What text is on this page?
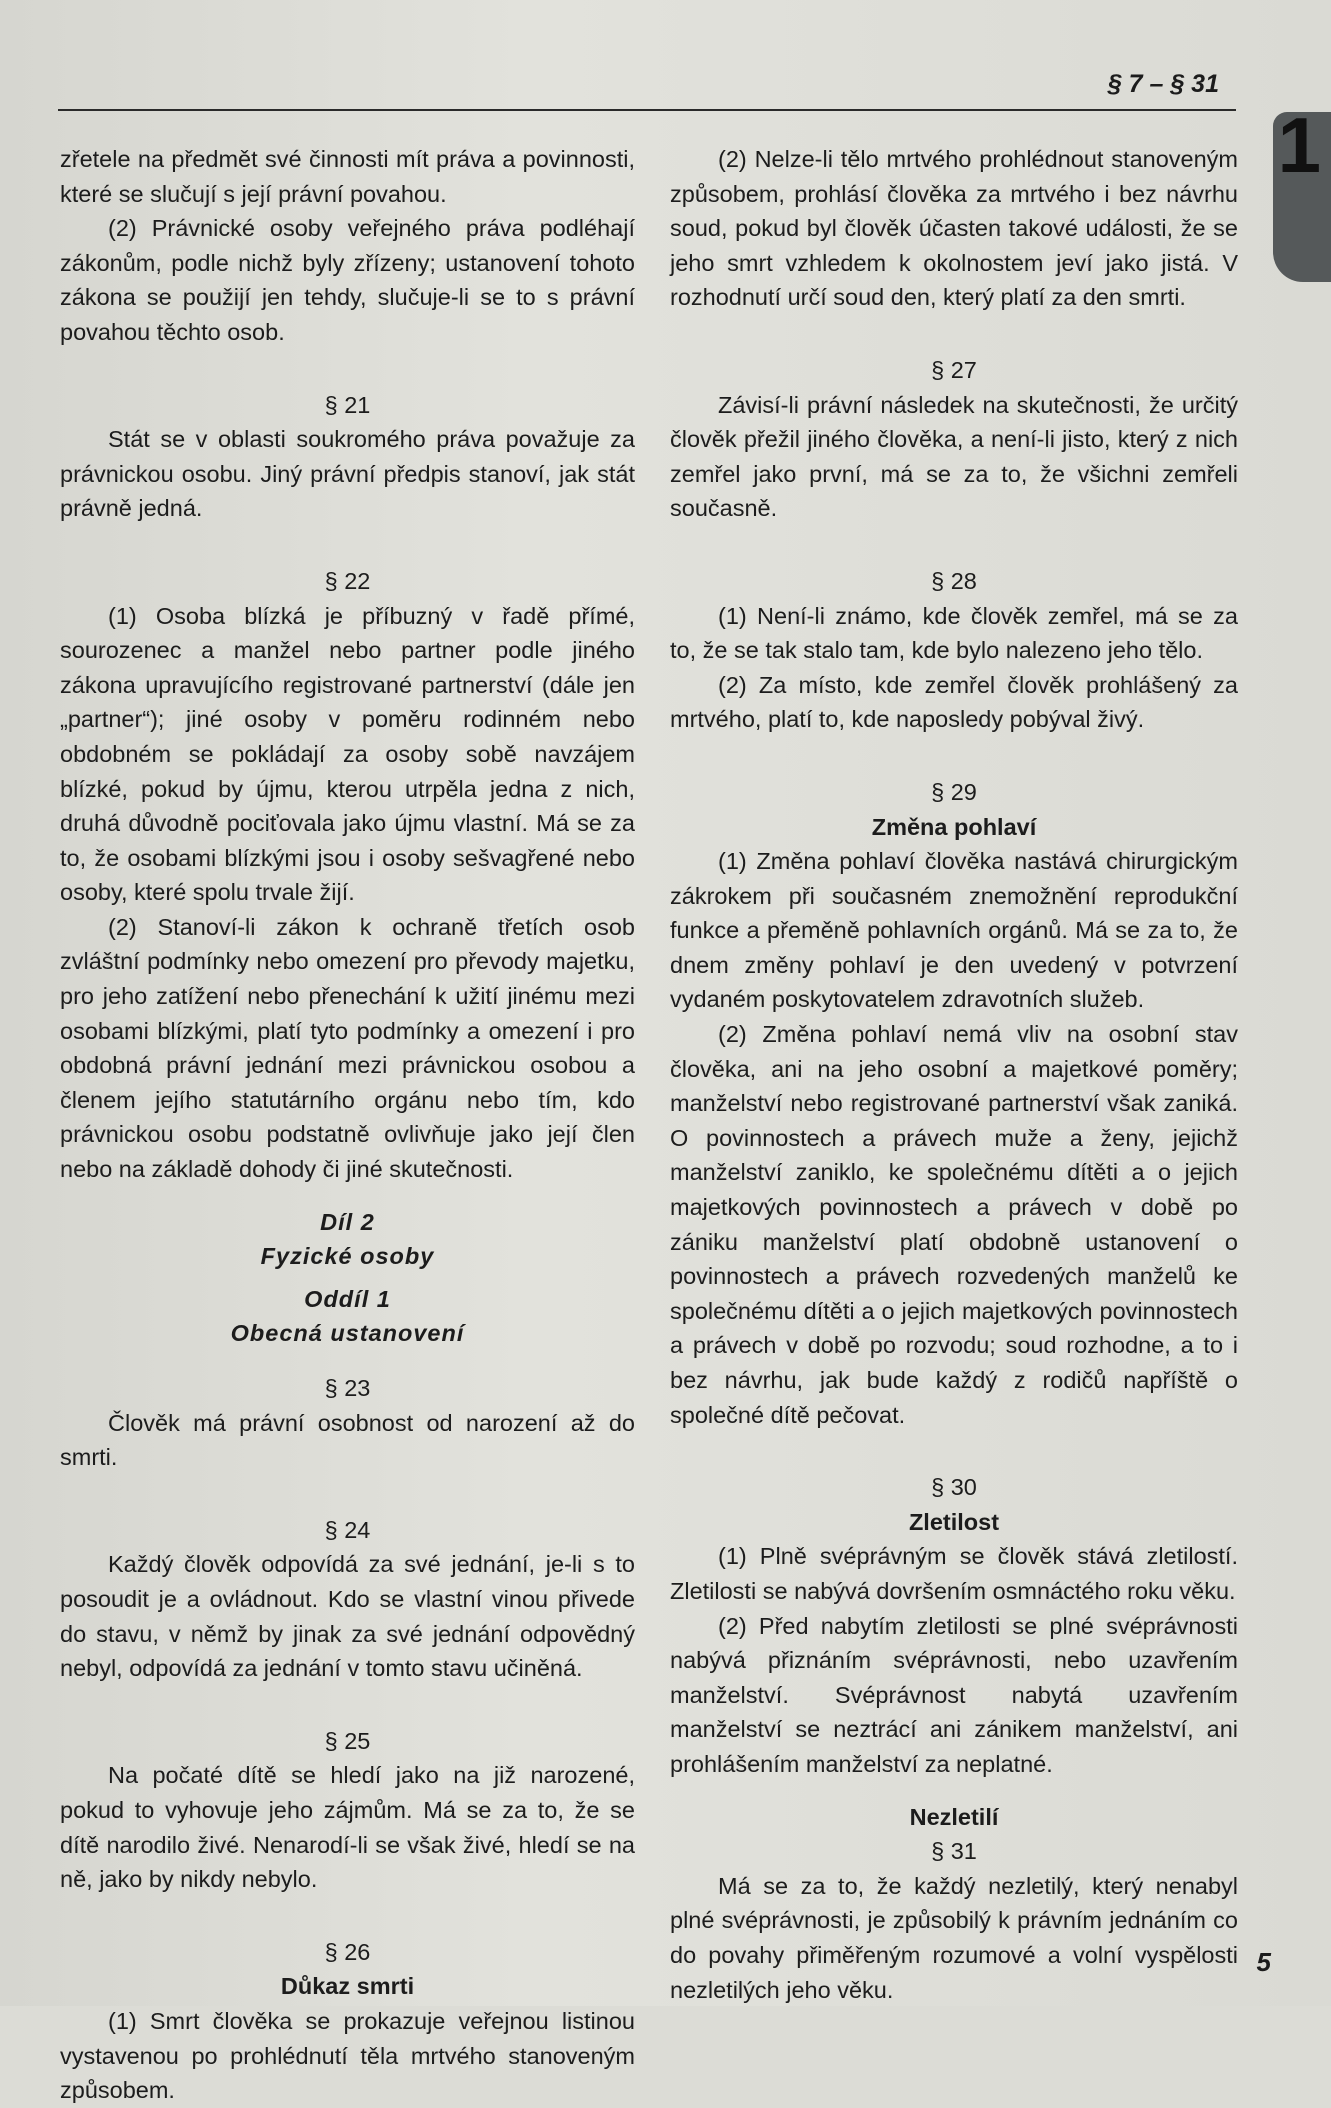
§ 7 – § 31
1

zřetele na předmět své činnosti mít práva a povinnosti, které se slučují s její právní povahou.

(2) Právnické osoby veřejného práva podléhají zákonům, podle nichž byly zřízeny; ustanovení tohoto zákona se použijí jen tehdy, slučuje-li se to s právní povahou těchto osob.

§ 21

Stát se v oblasti soukromého práva považuje za právnickou osobu. Jiný právní předpis stanoví, jak stát právně jedná.

§ 22

(1) Osoba blízká je příbuzný v řadě přímé, sourozenec a manžel nebo partner podle jiného zákona upravujícího registrované partnerství (dále jen „partner“); jiné osoby v poměru rodinném nebo obdobném se pokládají za osoby sobě navzájem blízké, pokud by újmu, kterou utrpěla jedna z nich, druhá důvodně pociťovala jako újmu vlastní. Má se za to, že osobami blízkými jsou i osoby sešvagřené nebo osoby, které spolu trvale žijí.

(2) Stanoví-li zákon k ochraně třetích osob zvláštní podmínky nebo omezení pro převody majetku, pro jeho zatížení nebo přenechání k užití jinému mezi osobami blízkými, platí tyto podmínky a omezení i pro obdobná právní jednání mezi právnickou osobou a členem jejího statutárního orgánu nebo tím, kdo právnickou osobu podstatně ovlivňuje jako její člen nebo na základě dohody či jiné skutečnosti.

Díl 2
Fyzické osoby
Oddíl 1
Obecná ustanovení
§ 23

Člověk má právní osobnost od narození až do smrti.

§ 24

Každý člověk odpovídá za své jednání, je-li s to posoudit je a ovládnout. Kdo se vlastní vinou přivede do stavu, v němž by jinak za své jednání odpovědný nebyl, odpovídá za jednání v tomto stavu učiněná.

§ 25

Na počaté dítě se hledí jako na již narozené, pokud to vyhovuje jeho zájmům. Má se za to, že se dítě narodilo živé. Nenarodí-li se však živé, hledí se na ně, jako by nikdy nebylo.

§ 26
Důkaz smrti

(1) Smrt člověka se prokazuje veřejnou listinou vystavenou po prohlédnutí těla mrtvého stanoveným způsobem.

(2) Nelze-li tělo mrtvého prohlédnout stanoveným způsobem, prohlásí člověka za mrtvého i bez návrhu soud, pokud byl člověk účasten takové události, že se jeho smrt vzhledem k okolnostem jeví jako jistá. V rozhodnutí určí soud den, který platí za den smrti.

§ 27

Závisí-li právní následek na skutečnosti, že určitý člověk přežil jiného člověka, a není-li jisto, který z nich zemřel jako první, má se za to, že všichni zemřeli současně.

§ 28

(1) Není-li známo, kde člověk zemřel, má se za to, že se tak stalo tam, kde bylo nalezeno jeho tělo.

(2) Za místo, kde zemřel člověk prohlášený za mrtvého, platí to, kde naposledy pobýval živý.

§ 29
Změna pohlaví

(1) Změna pohlaví člověka nastává chirurgickým zákrokem při současném znemožnění reprodukční funkce a přeměně pohlavních orgánů. Má se za to, že dnem změny pohlaví je den uvedený v potvrzení vydaném poskytovatelem zdravotních služeb.

(2) Změna pohlaví nemá vliv na osobní stav člověka, ani na jeho osobní a majetkové poměry; manželství nebo registrované partnerství však zaniká. O povinnostech a právech muže a ženy, jejichž manželství zaniklo, ke společnému dítěti a o jejich majetkových povinnostech a právech v době po zániku manželství platí obdobně ustanovení o povinnostech a právech rozvedených manželů ke společnému dítěti a o jejich majetkových povinnostech a právech v době po rozvodu; soud rozhodne, a to i bez návrhu, jak bude každý z rodičů napříště o společné dítě pečovat.

§ 30
Zletilost

(1) Plně svéprávným se člověk stává zletilostí. Zletilosti se nabývá dovršením osmnáctého roku věku.

(2) Před nabytím zletilosti se plné svéprávnosti nabývá přiznáním svéprávnosti, nebo uzavřením manželství. Svéprávnost nabytá uzavřením manželství se neztrácí ani zánikem manželství, ani prohlášením manželství za neplatné.

Nezletilí
§ 31

Má se za to, že každý nezletilý, který nenabyl plné svéprávnosti, je způsobilý k právním jednáním co do povahy přiměřeným rozumové a volní vyspělosti nezletilých jeho věku.

5
